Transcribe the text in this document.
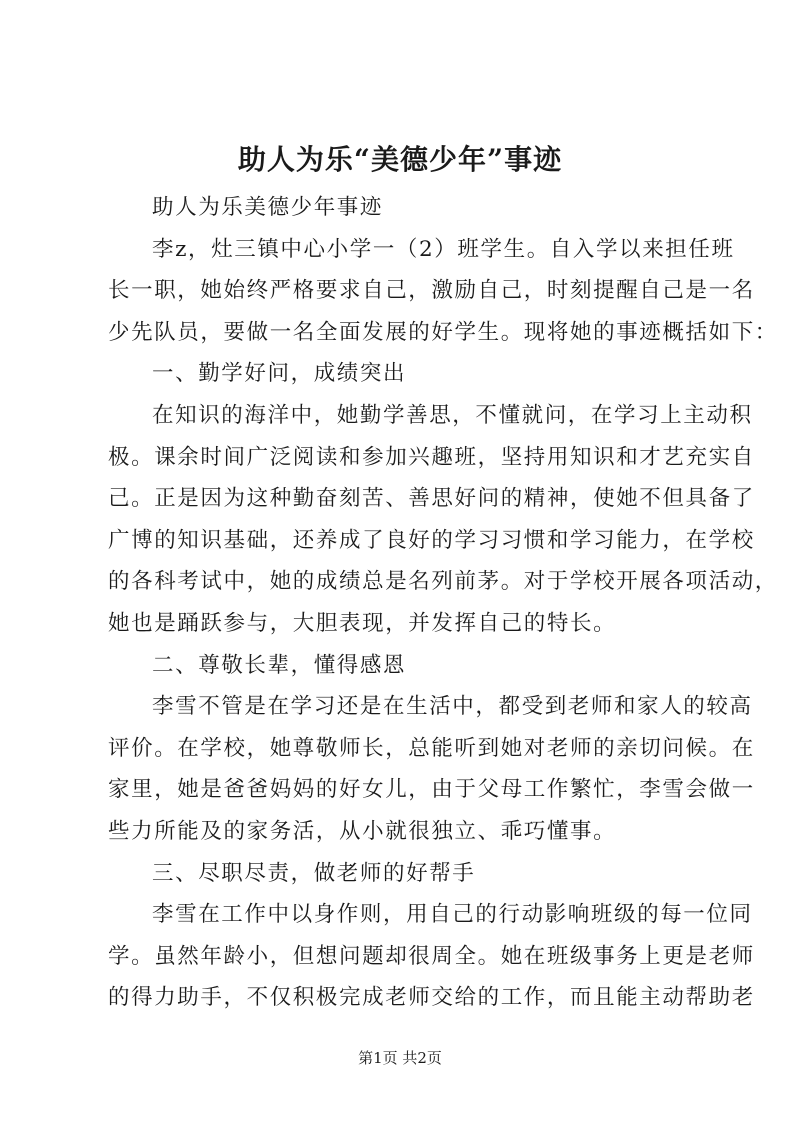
助人为乐“美德少年”事迹
助人为乐美德少年事迹
李z，灶三镇中心小学一（2）班学生。自入学以来担任班
长一职，她始终严格要求自己，激励自己，时刻提醒自己是一名
少先队员，要做一名全面发展的好学生。现将她的事迹概括如下：
一、勤学好问，成绩突出
在知识的海洋中，她勤学善思，不懂就问，在学习上主动积
极。课余时间广泛阅读和参加兴趣班，坚持用知识和才艺充实自
己。正是因为这种勤奋刻苦、善思好问的精神，使她不但具备了
广博的知识基础，还养成了良好的学习习惯和学习能力，在学校
的各科考试中，她的成绩总是名列前茅。对于学校开展各项活动，
她也是踊跃参与，大胆表现，并发挥自己的特长。
二、尊敬长辈，懂得感恩
李雪不管是在学习还是在生活中，都受到老师和家人的较高
评价。在学校，她尊敬师长，总能听到她对老师的亲切问候。在
家里，她是爸爸妈妈的好女儿，由于父母工作繁忙，李雪会做一
些力所能及的家务活，从小就很独立、乖巧懂事。
三、尽职尽责，做老师的好帮手
李雪在工作中以身作则，用自己的行动影响班级的每一位同
学。虽然年龄小，但想问题却很周全。她在班级事务上更是老师
的得力助手，不仅积极完成老师交给的工作，而且能主动帮助老
第1页 共2页
